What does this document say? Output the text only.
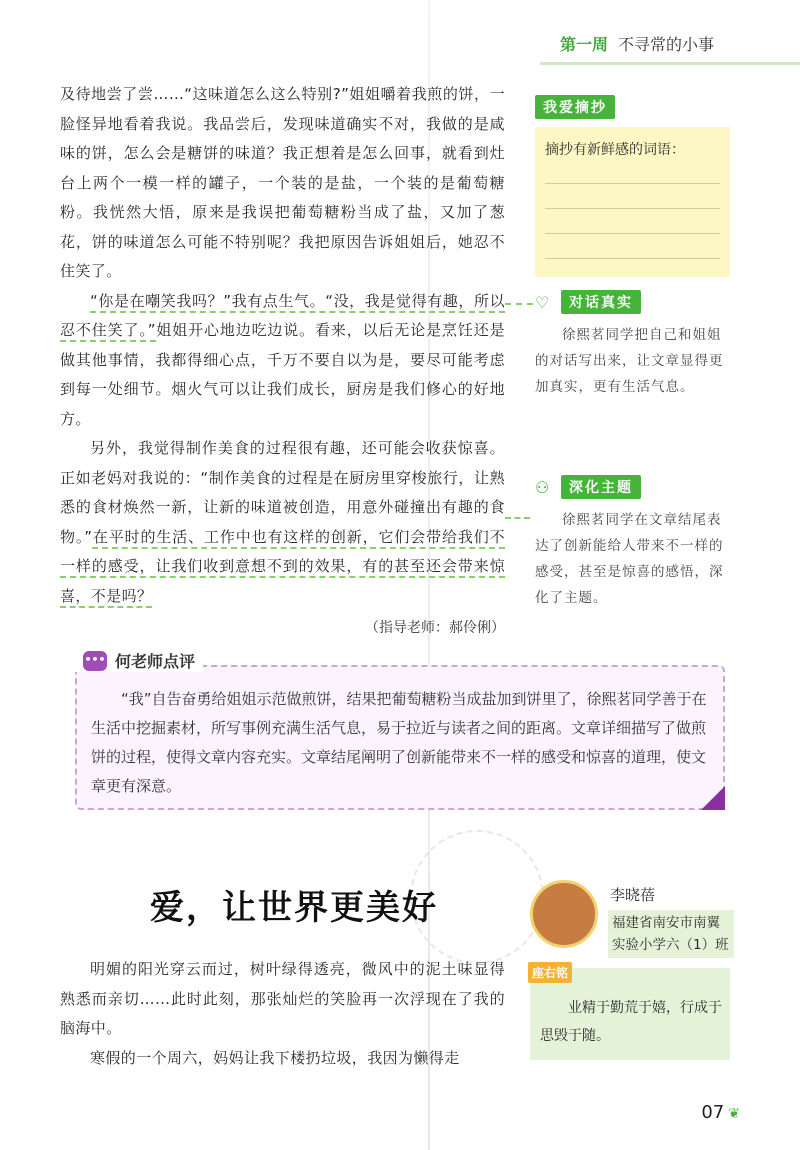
第一周 不寻常的小事

及待地尝了尝……“这味道怎么这么特别?”姐姐嚼着我煎的饼，一脸怪异地看着我说。我品尝后，发现味道确实不对，我做的是咸味的饼，怎么会是糖饼的味道？我正想着是怎么回事，就看到灶台上两个一模一样的罐子，一个装的是盐，一个装的是葡萄糖粉。我恍然大悟，原来是我误把葡萄糖粉当成了盐，又加了葱花，饼的味道怎么可能不特别呢？我把原因告诉姐姐后，她忍不住笑了。

“你是在嘲笑我吗？”我有点生气。“没，我是觉得有趣，所以忍不住笑了。”姐姐开心地边吃边说。看来，以后无论是烹饪还是做其他事情，我都得细心点，千万不要自以为是，要尽可能考虑到每一处细节。烟火气可以让我们成长，厨房是我们修心的好地方。

另外，我觉得制作美食的过程很有趣，还可能会收获惊喜。正如老妈对我说的：“制作美食的过程是在厨房里穿梭旅行，让熟悉的食材焕然一新，让新的味道被创造，用意外碰撞出有趣的食物。”在平时的生活、工作中也有这样的创新，它们会带给我们不一样的感受，让我们收到意想不到的效果，有的甚至还会带来惊喜，不是吗？

（指导老师：郝伶俐）
我爱摘抄
摘抄有新鲜感的词语：
♡	对话真实
徐熙茗同学把自己和姐姐的对话写出来，让文章显得更加真实，更有生活气息。
⚇	深化主题
徐熙茗同学在文章结尾表达了创新能给人带来不一样的感受，甚至是惊喜的感悟，深化了主题。
••• 何老师点评
“我”自告奋勇给姐姐示范做煎饼，结果把葡萄糖粉当成盐加到饼里了，徐熙茗同学善于在生活中挖掘素材，所写事例充满生活气息，易于拉近与读者之间的距离。文章详细描写了做煎饼的过程，使得文章内容充实。文章结尾阐明了创新能带来不一样的感受和惊喜的道理，使文章更有深意。
爱，让世界更美好

明媚的阳光穿云而过，树叶绿得透亮，微风中的泥土味显得熟悉而亲切……此时此刻，那张灿烂的笑脸再一次浮现在了我的脑海中。

寒假的一个周六，妈妈让我下楼扔垃圾，我因为懒得走

李晓蓓
福建省南安市南翼实验小学六（1）班
座右铭
业精于勤荒于嬉，行成于思毁于随。
07 ❦
